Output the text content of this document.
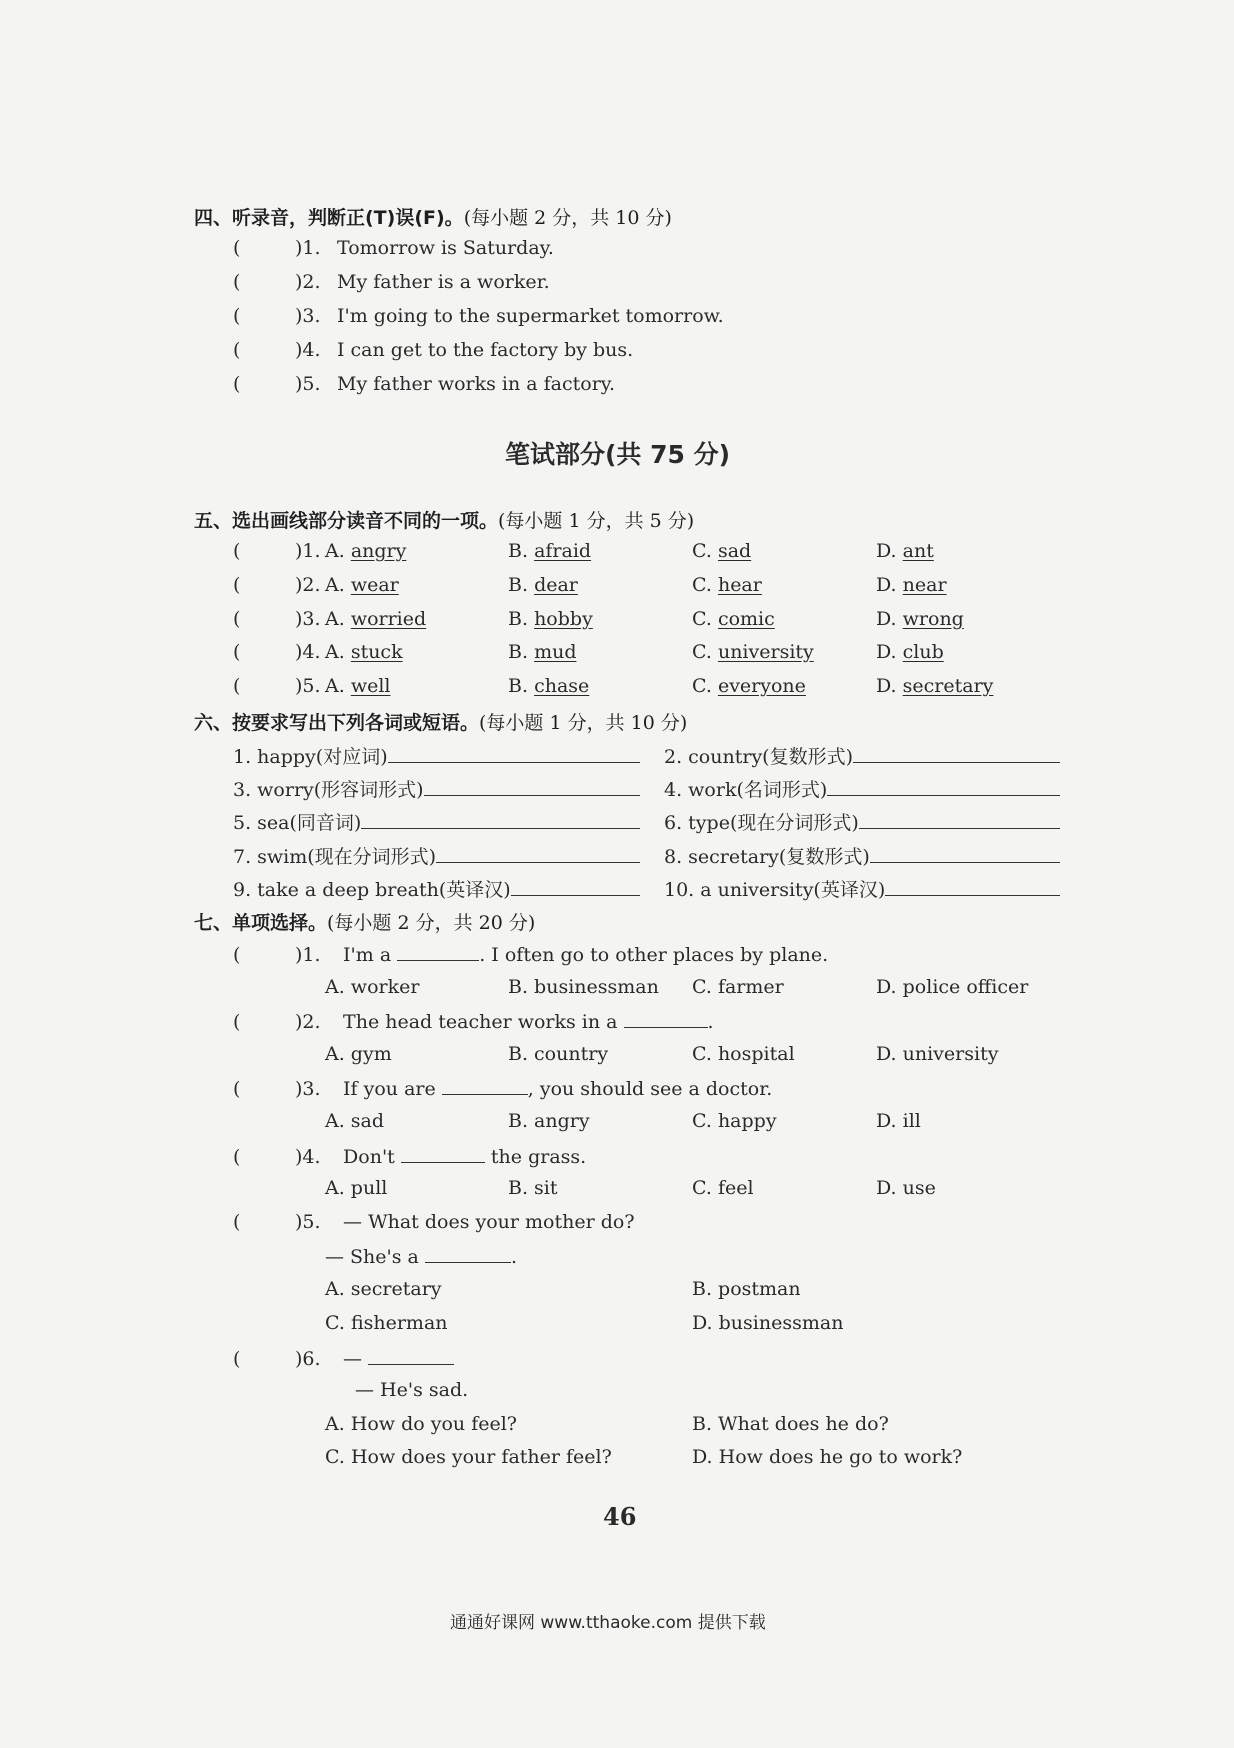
四、听录音，判断正(T)误(F)。(每小题 2 分，共 10 分)
(	)1. Tomorrow is Saturday.
(	)2. My father is a worker.
(	)3. I'm going to the supermarket tomorrow.
(	)4. I can get to the factory by bus.
(	)5. My father works in a factory.
笔试部分(共 75 分)
五、选出画线部分读音不同的一项。(每小题 1 分，共 5 分)
(	)1. A. angry	B. afraid	C. sad	D. ant
(	)2. A. wear	B. dear	C. hear	D. near
(	)3. A. worried	B. hobby	C. comic	D. wrong
(	)4. A. stuck	B. mud	C. university	D. club
(	)5. A. well	B. chase	C. everyone	D. secretary
六、按要求写出下列各词或短语。(每小题 1 分，共 10 分)
1. happy(对应词)	2. country(复数形式)
3. worry(形容词形式)	4. work(名词形式)
5. sea(同音词)	6. type(现在分词形式)
7. swim(现在分词形式)	8. secretary(复数形式)
9. take a deep breath(英译汉)	10. a university(英译汉)
七、单项选择。(每小题 2 分，共 20 分)
(	)1. I'm a	. I often go to other places by plane.
A. worker	B. businessman C. farmer	D. police officer
(	)2. The head teacher works in a	.
A. gym	B. country	C. hospital	D. university
(	)3. If you are	, you should see a doctor.
A. sad	B. angry	C. happy	D. ill
(	)4. Don't	the grass.
A. pull	B. sit	C. feel	D. use
(	)5. — What does your mother do?
— She's a	.
A. secretary	B. postman
C. fisherman	D. businessman
(	)6. —
— He's sad.
A. How do you feel?	B. What does he do?
C. How does your father feel?	D. How does he go to work?
46
通通好课网 www.tthaoke.com 提供下载
